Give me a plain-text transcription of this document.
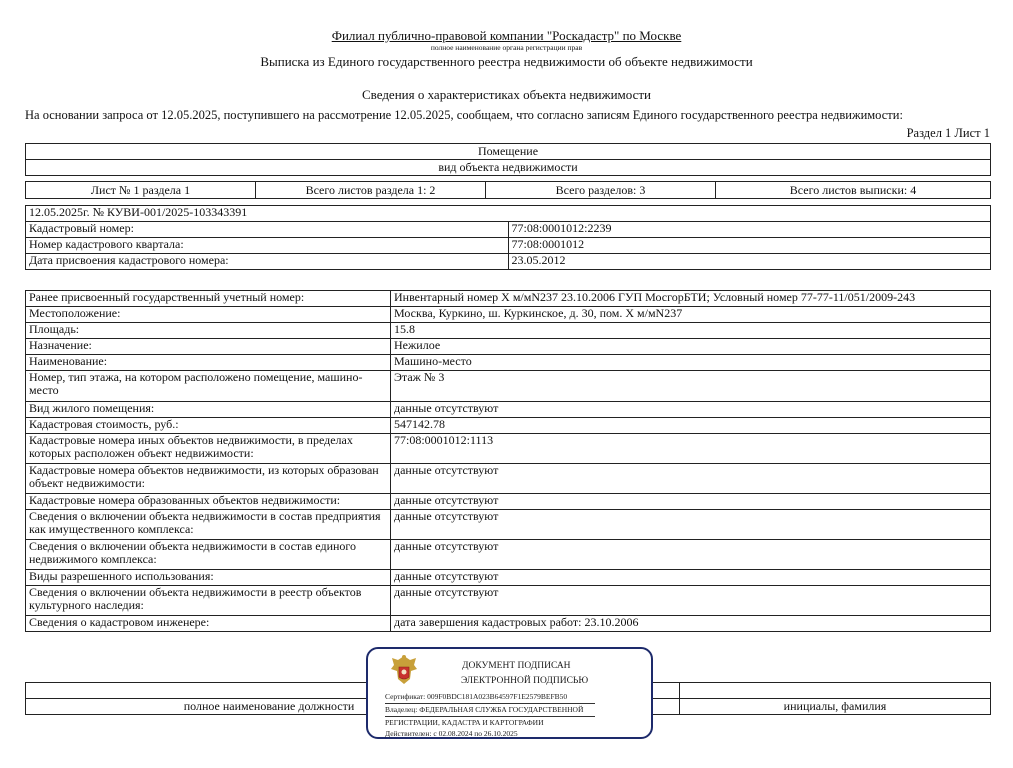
Филиал публично-правовой компании "Роскадастр" по Москве
полное наименование органа регистрации прав
Выписка из Единого государственного реестра недвижимости об объекте недвижимости
Сведения о характеристиках объекта недвижимости
На основании запроса от 12.05.2025, поступившего на рассмотрение 12.05.2025, сообщаем, что согласно записям Единого государственного реестра недвижимости:
Раздел 1 Лист 1
Помещение
вид объекта недвижимости
Лист № 1 раздела 1	Всего листов раздела 1: 2	Всего разделов: 3	Всего листов выписки: 4
12.05.2025г. № КУВИ-001/2025-103343391	
Кадастровый номер:	77:08:0001012:2239
Номер кадастрового квартала:	77:08:0001012
Дата присвоения кадастрового номера:	23.05.2012
Ранее присвоенный государственный учетный номер:	Инвентарный номер Х м/мN237 23.10.2006 ГУП МосгорБТИ; Условный номер 77-77-11/051/2009-243
Местоположение:	Москва, Куркино, ш. Куркинское, д. 30, пом. Х м/мN237
Площадь:	15.8
Назначение:	Нежилое
Наименование:	Машино-место
Номер, тип этажа, на котором расположено помещение, машино-место	Этаж № 3
Вид жилого помещения:	данные отсутствуют
Кадастровая стоимость, руб.:	547142.78
Кадастровые номера иных объектов недвижимости, в пределах которых расположен объект недвижимости:	77:08:0001012:1113
Кадастровые номера объектов недвижимости, из которых образован объект недвижимости:	данные отсутствуют
Кадастровые номера образованных объектов недвижимости:	данные отсутствуют
Сведения о включении объекта недвижимости в состав предприятия как имущественного комплекса:	данные отсутствуют
Сведения о включении объекта недвижимости в состав единого недвижимого комплекса:	данные отсутствуют
Виды разрешенного использования:	данные отсутствуют
Сведения о включении объекта недвижимости в реестр объектов культурного наследия:	данные отсутствуют
Сведения о кадастровом инженере:	дата завершения кадастровых работ: 23.10.2006

полное наименование должности		инициалы, фамилия
ДОКУМЕНТ ПОДПИСАН
ЭЛЕКТРОННОЙ ПОДПИСЬЮ
Сертификат: 009F0BDC181A023B64597F1E2579BEFB50
Владелец: ФЕДЕРАЛЬНАЯ СЛУЖБА ГОСУДАРСТВЕННОЙ
РЕГИСТРАЦИИ, КАДАСТРА И КАРТОГРАФИИ
Действителен: с 02.08.2024 по 26.10.2025
